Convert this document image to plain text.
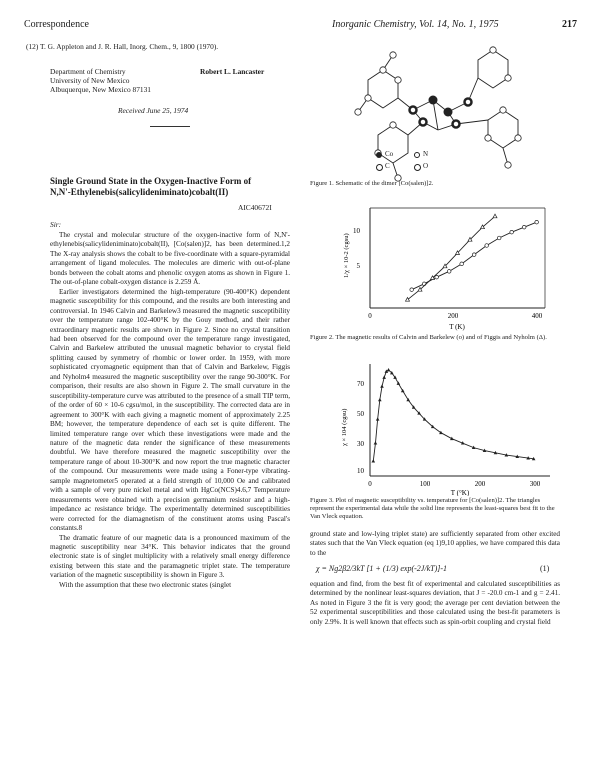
Correspondence	Inorganic Chemistry, Vol. 14, No. 1, 1975	217
(12) T. G. Appleton and J. R. Hall, Inorg. Chem., 9, 1800 (1970).
Department of Chemistry
University of New Mexico
Albuquerque, New Mexico 87131
Robert L. Lancaster
Received June 25, 1974
Single Ground State in the Oxygen-Inactive Form of
N,N'-Ethylenebis(salicylideniminato)cobalt(II)
AIC40672I
Sir:

The crystal and molecular structure of the oxygen-inactive form of N,N'-ethylenebis(salicylideniminato)cobalt(II), [Co(salen)]2, has been determined.1,2 The X-ray analysis shows the cobalt to be five-coordinate with a square-pyramidal arrangement of ligand molecules. The molecules are dimeric with out-of-plane bonds between the cobalt atoms and phenolic oxygen atoms as shown in Figure 1. The out-of-plane cobalt-oxygen distance is 2.259 Å.

Earlier investigators determined the high-temperature (90-400°K) dependent magnetic susceptibility for this compound, and the results are both interesting and controversial. In 1946 Calvin and Barkelew3 measured the magnetic susceptibility over the temperature range 102-400°K by the Gouy method, and their rather extraordinary magnetic results are shown in Figure 2. Since no crystal transition had been observed for the compound over the temperature range investigated, Calvin and Barkelew attributed the unusual magnetic behavior to crystal field splitting caused by symmetry of rhombic or lower order. In 1959, with more sophisticated cryomagnetic equipment than that of Calvin and Barkelew, Figgis and Nyholm4 measured the magnetic susceptibility over the range 90-300°K. For comparison, their results are also shown in Figure 2. The small curvature in the susceptibility-temperature curve was attributed to the presence of a small TIP term, of the order of 60 × 10-6 cgsu/mol, in the susceptibility. The corrected data are in agreement to 300°K with each giving a magnetic moment of approximately 2.25 BM; however, the temperature dependence of each set is quite different. The limited temperature range over which these investigations were made and the nature of the magnetic data render the significance of these measurements doubtful. We have therefore measured the magnetic susceptibility over the temperature range of about 10-300°K and now report the true magnetic character of the compound. Our measurements were made using a Foner-type vibrating-sample magnetometer5 operated at a field strength of 10,000 Oe and calibrated with a sample of very pure nickel metal and with HgCo(NCS)4.6,7 Temperature measurements were obtained with a precision germanium resistor and a high-impedance ac resistance bridge. The experimentally determined susceptibilities were corrected for the diamagnetism of the constituent atoms using Pascal's constants.8

The dramatic feature of our magnetic data is a pronounced maximum of the magnetic susceptibility near 34°K. This behavior indicates that the ground electronic state is of singlet multiplicity with a relatively small energy difference existing between this state and the paramagnetic triplet state. The temperature variation of the magnetic susceptibility is shown in Figure 3.

With the assumption that these two electronic states (singlet

Co	N
C	O
Figure 1. Schematic of the dimer [Co(salen)]2.
10
5
0	200	400
T (K)
1/χ × 10-2 (cgsu)
Figure 2. The magnetic results of Calvin and Barkelew (o) and of Figgis and Nyholm (Δ).
70
50
30
10
0	100	200	300
T (°K)
χ × 104 (cgsu)
Figure 3. Plot of magnetic susceptibility vs. temperature for [Co(salen)]2. The triangles represent the experimental data while the solid line represents the least-squares best fit to the Van Vleck equation.
ground state and low-lying triplet state) are sufficiently separated from other excited states such that the Van Vleck equation (eq 1)9,10 applies, we have compared this data to the
χ = Ng2β2/3kT [1 + (1/3) exp(-2J/kT)]-1	(1)
equation and find, from the best fit of experimental and calculated susceptibilities as determined by the nonlinear least-squares deviation, that J = -20.0 cm-1 and g = 2.41. As noted in Figure 3 the fit is very good; the average per cent deviation between the 52 experimental susceptibilities and those calculated using the best-fit parameters is only 2.9%. It is well known that effects such as spin-orbit coupling and crystal field
